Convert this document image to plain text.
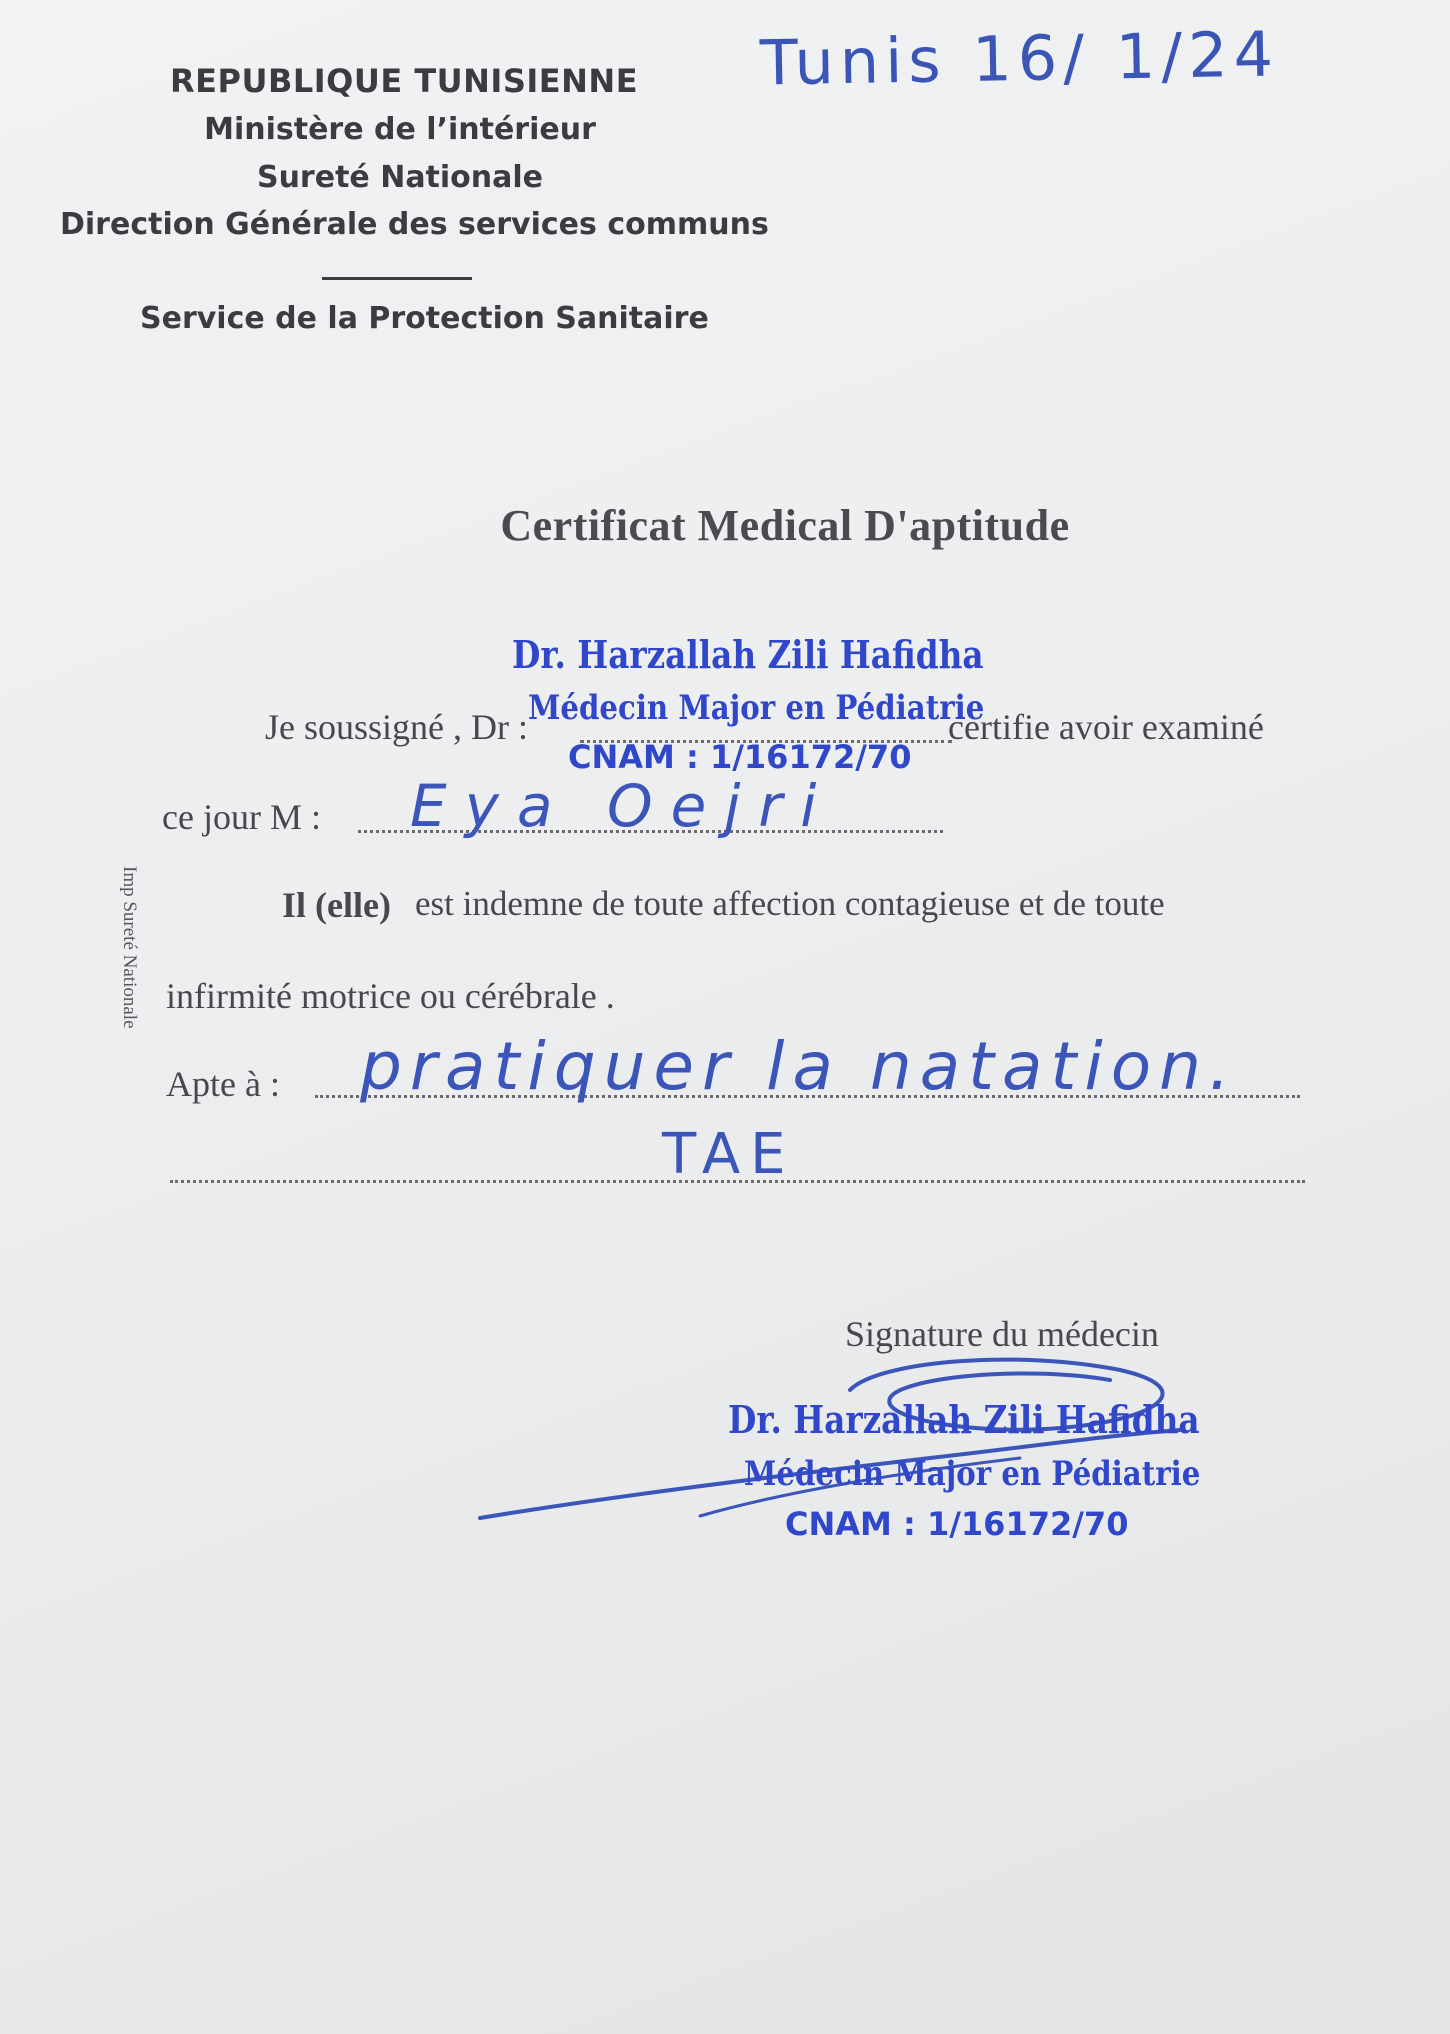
REPUBLIQUE TUNISIENNE
Ministère de l’intérieur
Sureté Nationale
Direction Générale des services communs
Service de la Protection Sanitaire
Tunis 16/ 1/24
Certificat Medical D'aptitude
Dr. Harzallah Zili Hafidha
Médecin Major en Pédiatrie
CNAM : 1/16172/70
Je soussigné , Dr :	certifie avoir examiné
ce jour M : Eya Oejri
Il (elle) est indemne de toute affection contagieuse et de toute
infirmité motrice ou cérébrale .
Apte à : pratiquer la natation.
TAE
Imp Sureté Nationale
Signature du médecin
Dr. Harzallah Zili Hafidha
Médecin Major en Pédiatrie
CNAM : 1/16172/70
